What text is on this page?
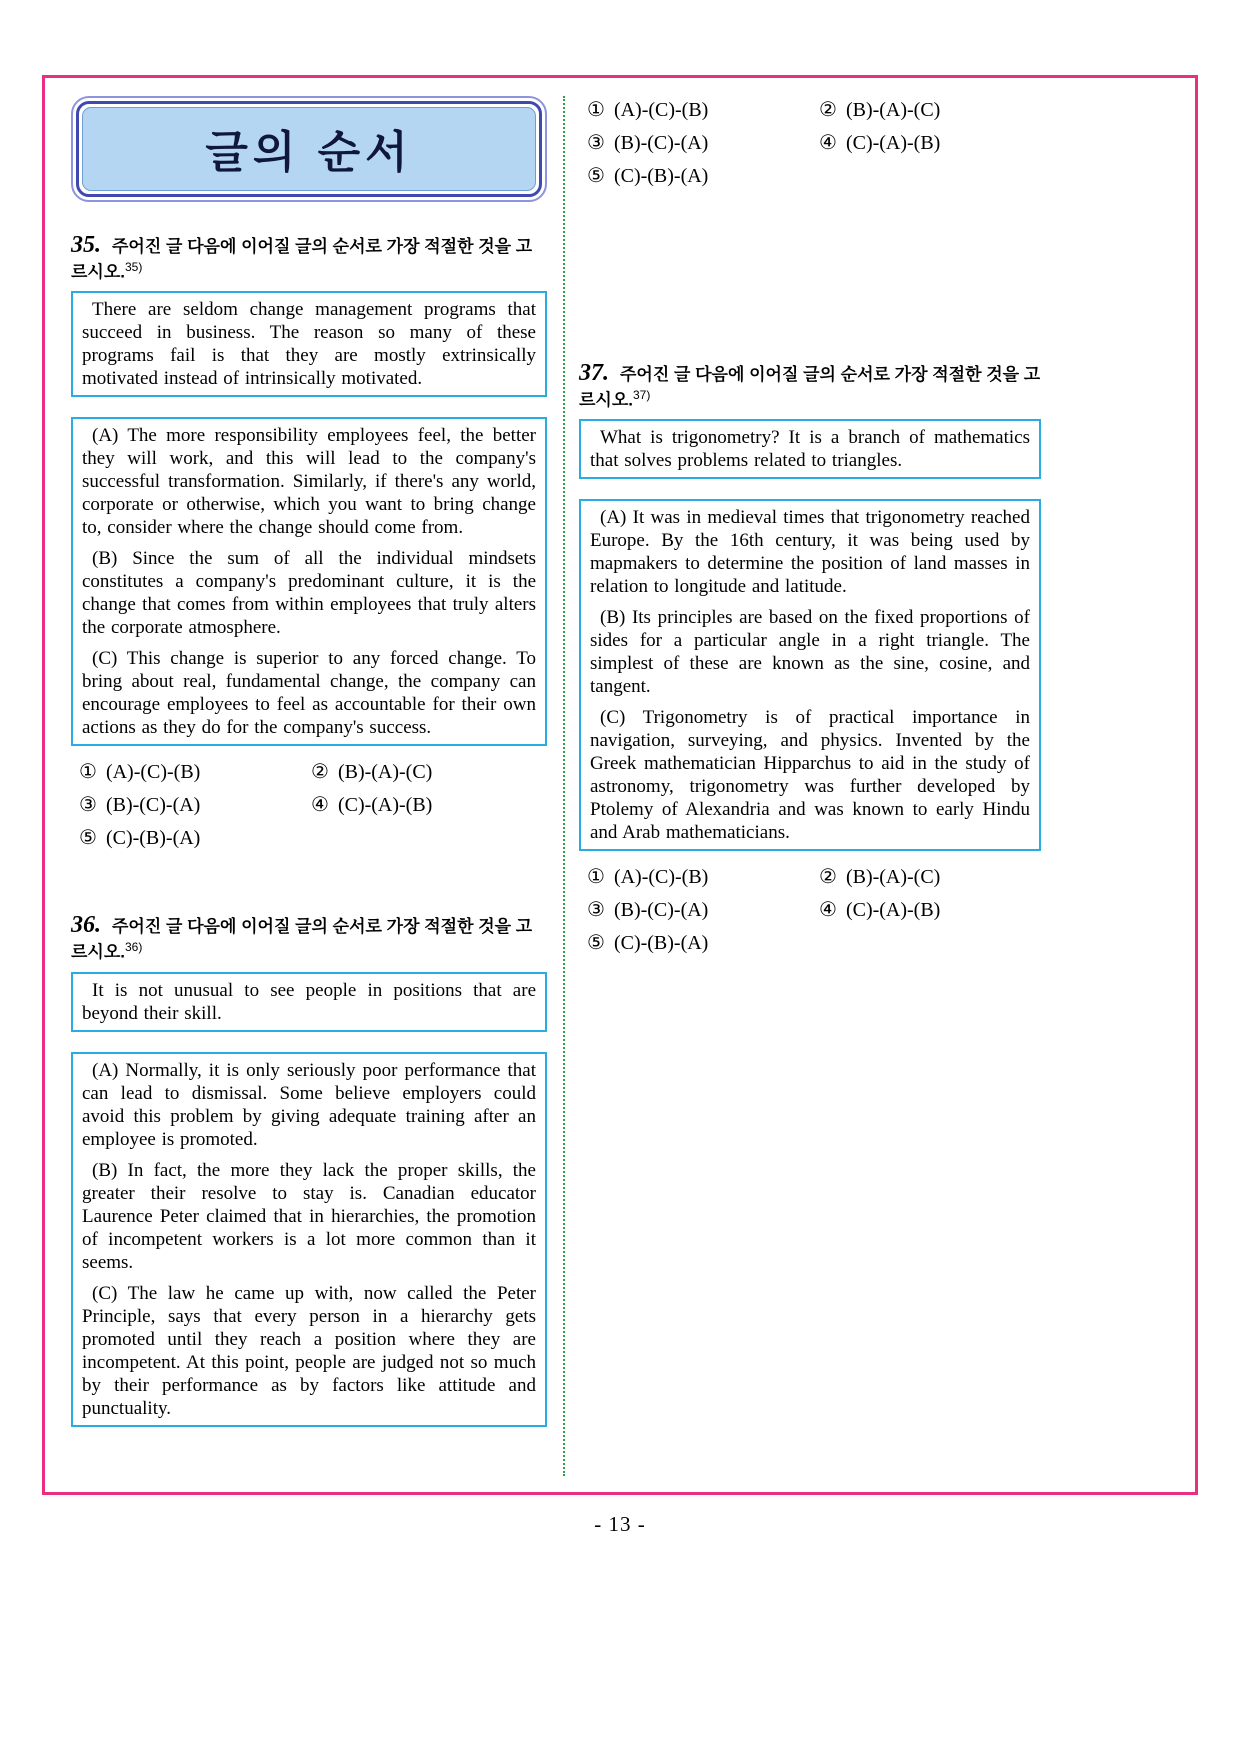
글의 순서
35. 주어진 글 다음에 이어질 글의 순서로 가장 적절한 것을 고르시오.$^{35)}$

There are seldom change management programs that succeed in business. The reason so many of these programs fail is that they are mostly extrinsically motivated instead of intrinsically motivated.

(A) The more responsibility employees feel, the better they will work, and this will lead to the company's successful transformation. Similarly, if there's any world, corporate or otherwise, which you want to bring change to, consider where the change should come from.

(B) Since the sum of all the individual mindsets constitutes a company's predominant culture, it is the change that comes from within employees that truly alters the corporate atmosphere.

(C) This change is superior to any forced change. To bring about real, fundamental change, the company can encourage employees to feel as accountable for their own actions as they do for the company's success.

① (A)-(C)-(B)	② (B)-(A)-(C)
③ (B)-(C)-(A)	④ (C)-(A)-(B)
⑤ (C)-(B)-(A)
36. 주어진 글 다음에 이어질 글의 순서로 가장 적절한 것을 고르시오.$^{36)}$

It is not unusual to see people in positions that are beyond their skill.

(A) Normally, it is only seriously poor performance that can lead to dismissal. Some believe employers could avoid this problem by giving adequate training after an employee is promoted.

(B) In fact, the more they lack the proper skills, the greater their resolve to stay is. Canadian educator Laurence Peter claimed that in hierarchies, the promotion of incompetent workers is a lot more common than it seems.

(C) The law he came up with, now called the Peter Principle, says that every person in a hierarchy gets promoted until they reach a position where they are incompetent. At this point, people are judged not so much by their performance as by factors like attitude and punctuality.

① (A)-(C)-(B)	② (B)-(A)-(C)
③ (B)-(C)-(A)	④ (C)-(A)-(B)
⑤ (C)-(B)-(A)
37. 주어진 글 다음에 이어질 글의 순서로 가장 적절한 것을 고르시오.$^{37)}$

What is trigonometry? It is a branch of mathematics that solves problems related to triangles.

(A) It was in medieval times that trigonometry reached Europe. By the 16th century, it was being used by mapmakers to determine the position of land masses in relation to longitude and latitude.

(B) Its principles are based on the fixed proportions of sides for a particular angle in a right triangle. The simplest of these are known as the sine, cosine, and tangent.

(C) Trigonometry is of practical importance in navigation, surveying, and physics. Invented by the Greek mathematician Hipparchus to aid in the study of astronomy, trigonometry was further developed by Ptolemy of Alexandria and was known to early Hindu and Arab mathematicians.

① (A)-(C)-(B)	② (B)-(A)-(C)
③ (B)-(C)-(A)	④ (C)-(A)-(B)
⑤ (C)-(B)-(A)
- 13 -
